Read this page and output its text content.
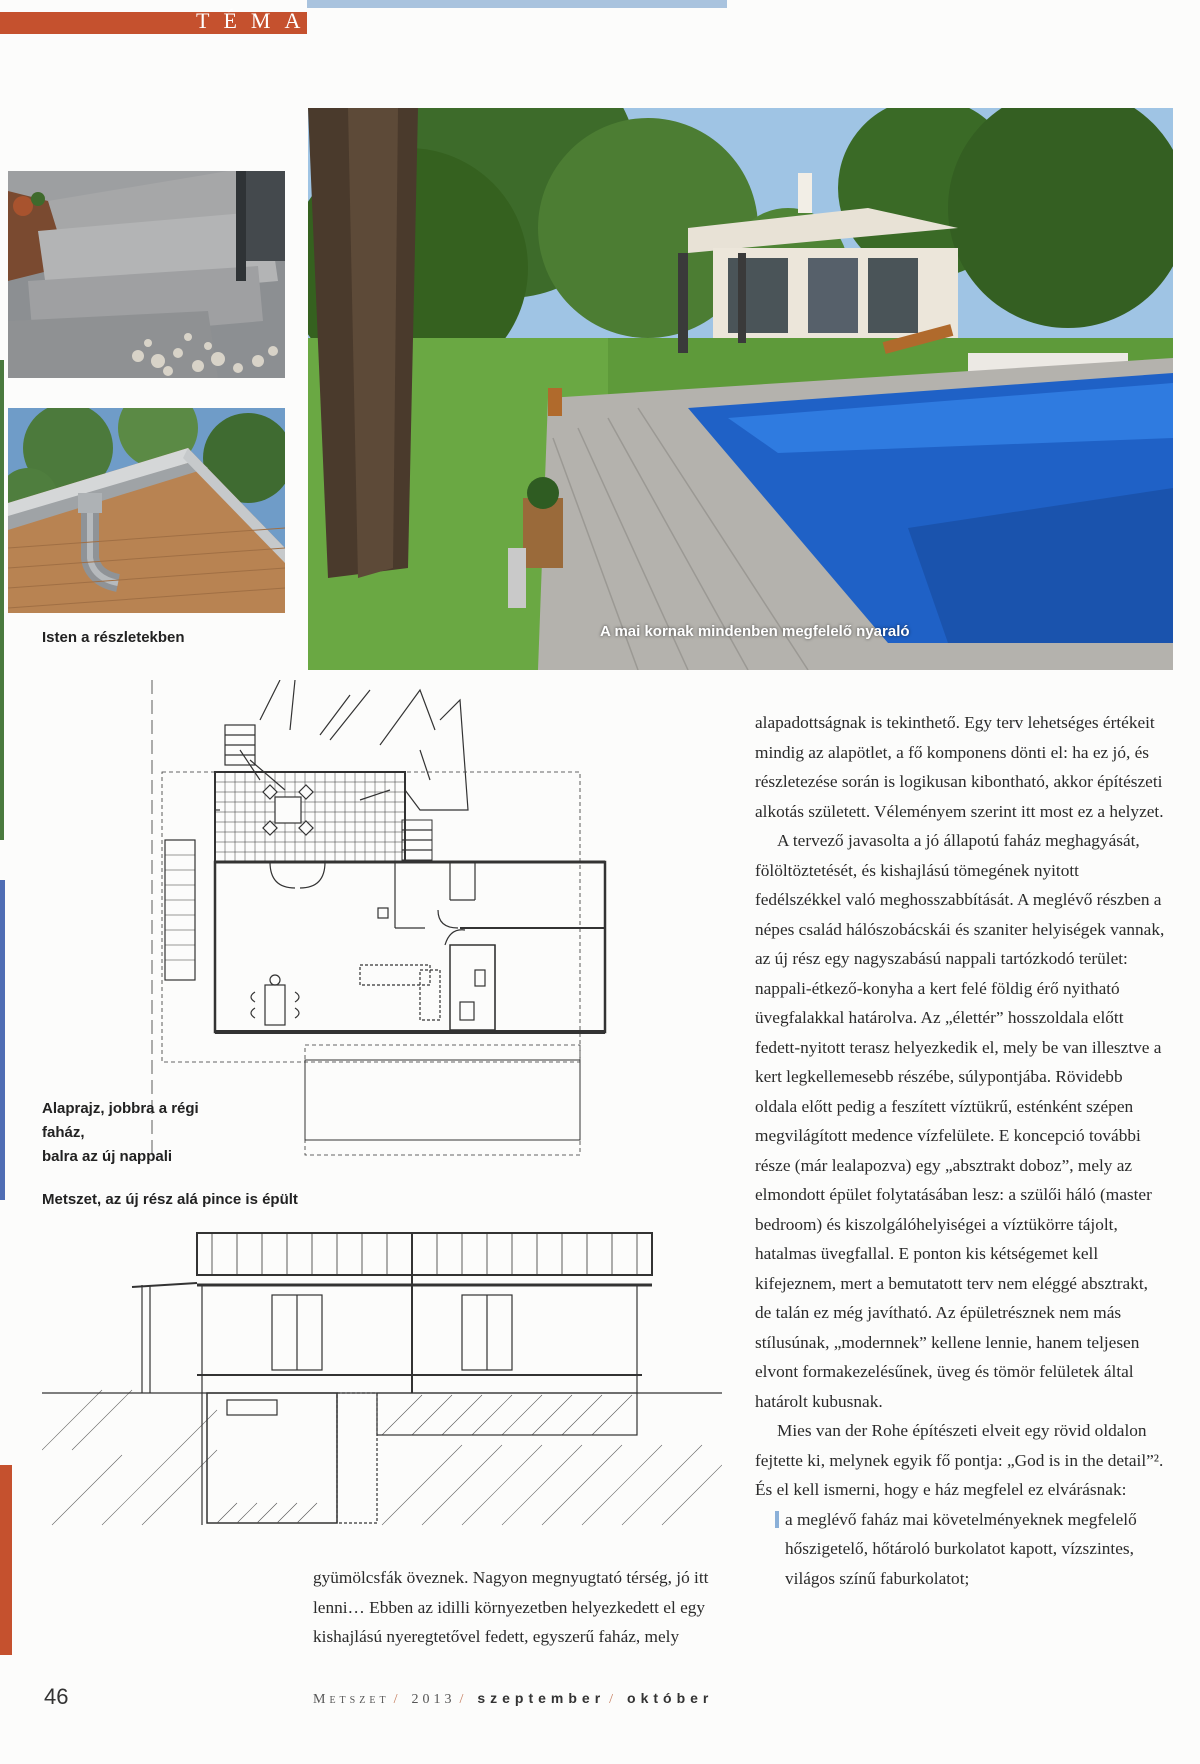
TÉMA
A mai kornak mindenben megfelelő nyaraló
Isten a részletekben
Alaprajz, jobbra a régi faház,
balra az új nappali
Metszet, az új rész alá pince is épült

alapadottságnak is tekinthető. Egy terv lehetséges értékeit mindig az alapötlet, a fő komponens dönti el: ha ez jó, és részletezése során is logikusan kibontható, akkor építészeti alkotás született. Véleményem szerint itt most ez a helyzet.

A tervező javasolta a jó állapotú faház meghagyását, fölöltöztetését, és kishajlású tömegének nyitott fedélszékkel való meghosszabbítását. A meglévő részben a népes család hálószobácskái és szaniter helyiségek vannak, az új rész egy nagyszabású nappali tartózkodó terület: nappali-étkező-konyha a kert felé földig érő nyitható üvegfalakkal határolva. Az „élettér” hosszoldala előtt fedett-nyitott terasz helyezkedik el, mely be van illesztve a kert legkellemesebb részébe, súlypontjába. Rövidebb oldala előtt pedig a feszített víztükrű, esténként szépen megvilágított medence vízfelülete. E koncepció további része (már lealapozva) egy „absztrakt doboz”, mely az elmondott épület folytatásában lesz: a szülői háló (master bedroom) és kiszolgálóhelyiségei a víztükörre tájolt, hatalmas üvegfallal. E ponton kis kétségemet kell kifejeznem, mert a bemutatott terv nem eléggé absztrakt, de talán ez még javítható. Az épületrésznek nem más stílusúnak, „modernnek” kellene lennie, hanem teljesen elvont formakezelésűnek, üveg és tömör felületek által határolt kubusnak.

Mies van der Rohe építészeti elveit egy rövid oldalon fejtette ki, melynek egyik fő pontja: „God is in the detail”². És el kell ismerni, hogy e ház megfelel ez elvárásnak:

a meglévő faház mai követelményeknek megfelelő hőszigetelő, hőtároló burkolatot kapott, vízszintes, világos színű faburkolatot;

gyümölcsfák öveznek. Nagyon megnyugtató térség, jó itt lenni… Ebben az idilli környezetben helyezkedett el egy kishajlású nyeregtetővel fedett, egyszerű faház, mely

46	Metszet / 2013 / szeptember / október
